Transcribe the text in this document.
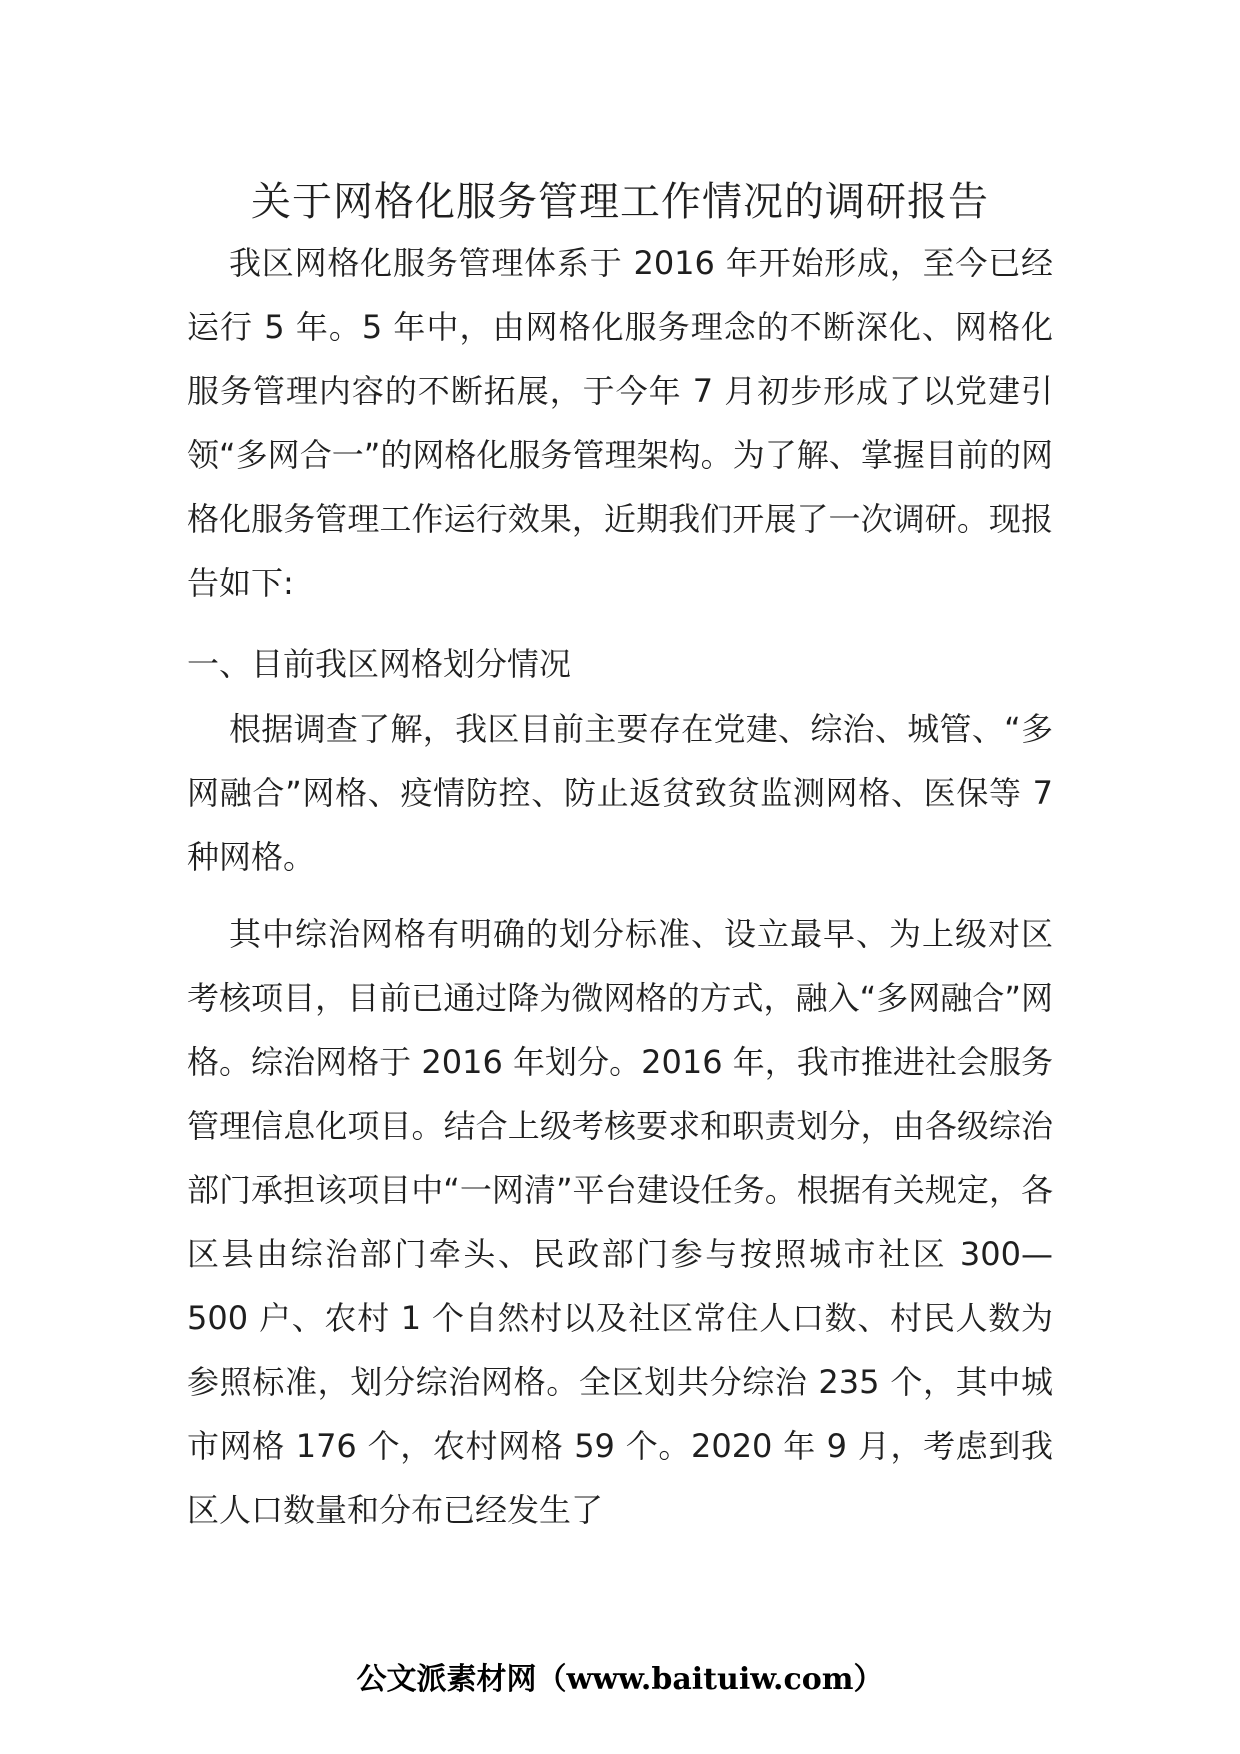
关于网格化服务管理工作情况的调研报告

我区网格化服务管理体系于 2016 年开始形成，至今已经运行 5 年。5 年中，由网格化服务理念的不断深化、网格化服务管理内容的不断拓展，于今年 7 月初步形成了以党建引领“多网合一”的网格化服务管理架构。为了解、掌握目前的网格化服务管理工作运行效果，近期我们开展了一次调研。现报告如下:

一、目前我区网格划分情况

根据调查了解，我区目前主要存在党建、综治、城管、“多网融合”网格、疫情防控、防止返贫致贫监测网格、医保等 7 种网格。

其中综治网格有明确的划分标准、设立最早、为上级对区考核项目，目前已通过降为微网格的方式，融入“多网融合”网格。综治网格于 2016 年划分。2016 年，我市推进社会服务管理信息化项目。结合上级考核要求和职责划分，由各级综治部门承担该项目中“一网清”平台建设任务。根据有关规定，各区县由综治部门牵头、民政部门参与按照城市社区 300—500 户、农村 1 个自然村以及社区常住人口数、村民人数为参照标准，划分综治网格。全区划共分综治 235 个，其中城市网格 176 个，农村网格 59 个。2020 年 9 月，考虑到我区人口数量和分布已经发生了

公文派素材网（www.baituiw.com）
